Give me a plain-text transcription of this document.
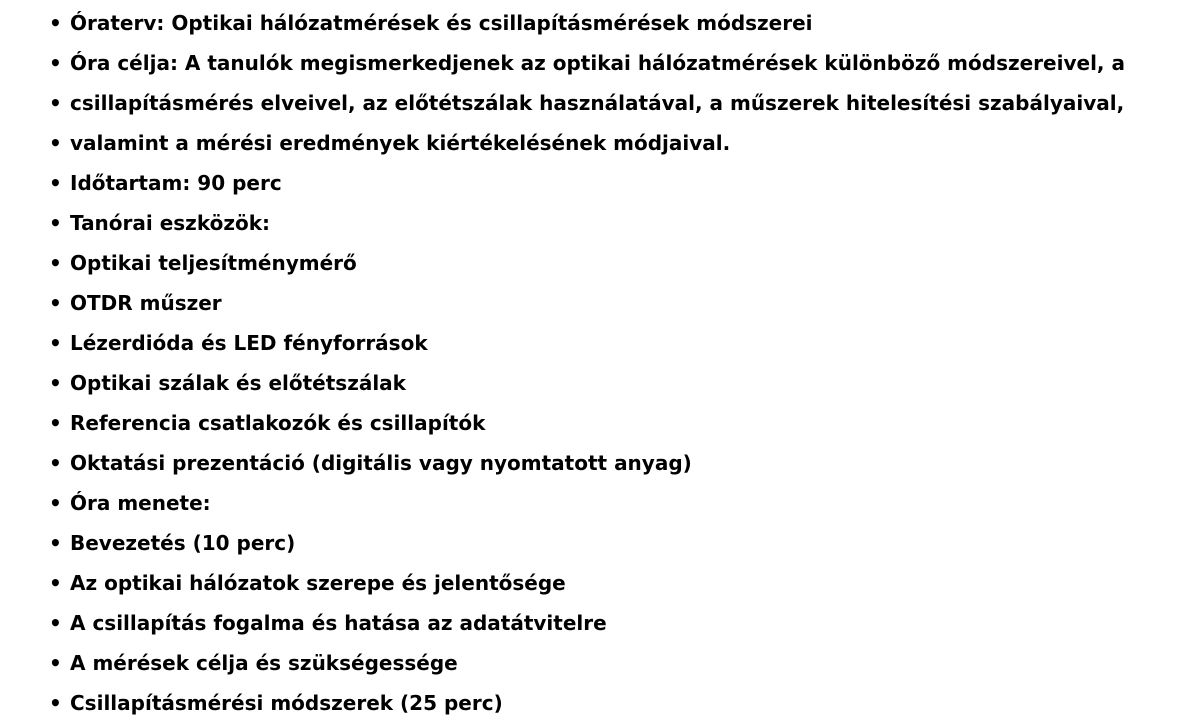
• Óraterv: Optikai hálózatmérések és csillapításmérések módszerei
• Óra célja: A tanulók megismerkedjenek az optikai hálózatmérések különböző módszereivel, a
• csillapításmérés elveivel, az előtétszálak használatával, a műszerek hitelesítési szabályaival,
• valamint a mérési eredmények kiértékelésének módjaival.
• Időtartam: 90 perc
• Tanórai eszközök:
• Optikai teljesítménymérő
• OTDR műszer
• Lézerdióda és LED fényforrások
• Optikai szálak és előtétszálak
• Referencia csatlakozók és csillapítók
• Oktatási prezentáció (digitális vagy nyomtatott anyag)
• Óra menete:
• Bevezetés (10 perc)
• Az optikai hálózatok szerepe és jelentősége
• A csillapítás fogalma és hatása az adatátvitelre
• A mérések célja és szükségessége
• Csillapításmérési módszerek (25 perc)
